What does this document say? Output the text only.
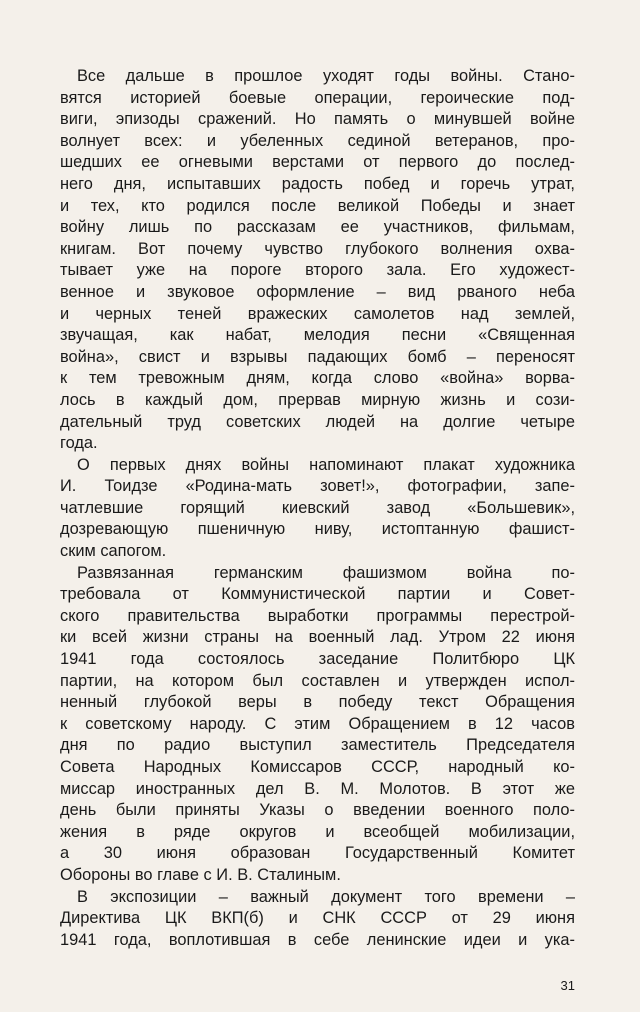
Все дальше в прошлое уходят годы войны. Стано-
вятся историей боевые операции, героические под-
виги, эпизоды сражений. Но память о минувшей войне
волнует всех: и убеленных сединой ветеранов, про-
шедших ее огневыми верстами от первого до послед-
него дня, испытавших радость побед и горечь утрат,
и тех, кто родился после великой Победы и знает
войну лишь по рассказам ее участников, фильмам,
книгам. Вот почему чувство глубокого волнения охва-
тывает уже на пороге второго зала. Его художест-
венное и звуковое оформление – вид рваного неба
и черных теней вражеских самолетов над землей,
звучащая, как набат, мелодия песни «Священная
война», свист и взрывы падающих бомб – переносят
к тем тревожным дням, когда слово «война» ворва-
лось в каждый дом, прервав мирную жизнь и сози-
дательный труд советских людей на долгие четыре
года.
О первых днях войны напоминают плакат художника
И. Тоидзе «Родина-мать зовет!», фотографии, запе-
чатлевшие горящий киевский завод «Большевик»,
дозревающую пшеничную ниву, истоптанную фашист-
ским сапогом.
Развязанная германским фашизмом война по-
требовала от Коммунистической партии и Совет-
ского правительства выработки программы перестрой-
ки всей жизни страны на военный лад. Утром 22 июня
1941 года состоялось заседание Политбюро ЦК
партии, на котором был составлен и утвержден испол-
ненный глубокой веры в победу текст Обращения
к советскому народу. С этим Обращением в 12 часов
дня по радио выступил заместитель Председателя
Совета Народных Комиссаров СССР, народный ко-
миссар иностранных дел В. М. Молотов. В этот же
день были приняты Указы о введении военного поло-
жения в ряде округов и всеобщей мобилизации,
а 30 июня образован Государственный Комитет
Обороны во главе с И. В. Сталиным.
В экспозиции – важный документ того времени –
Директива ЦК ВКП(б) и СНК СССР от 29 июня
1941 года, воплотившая в себе ленинские идеи и ука-
31
